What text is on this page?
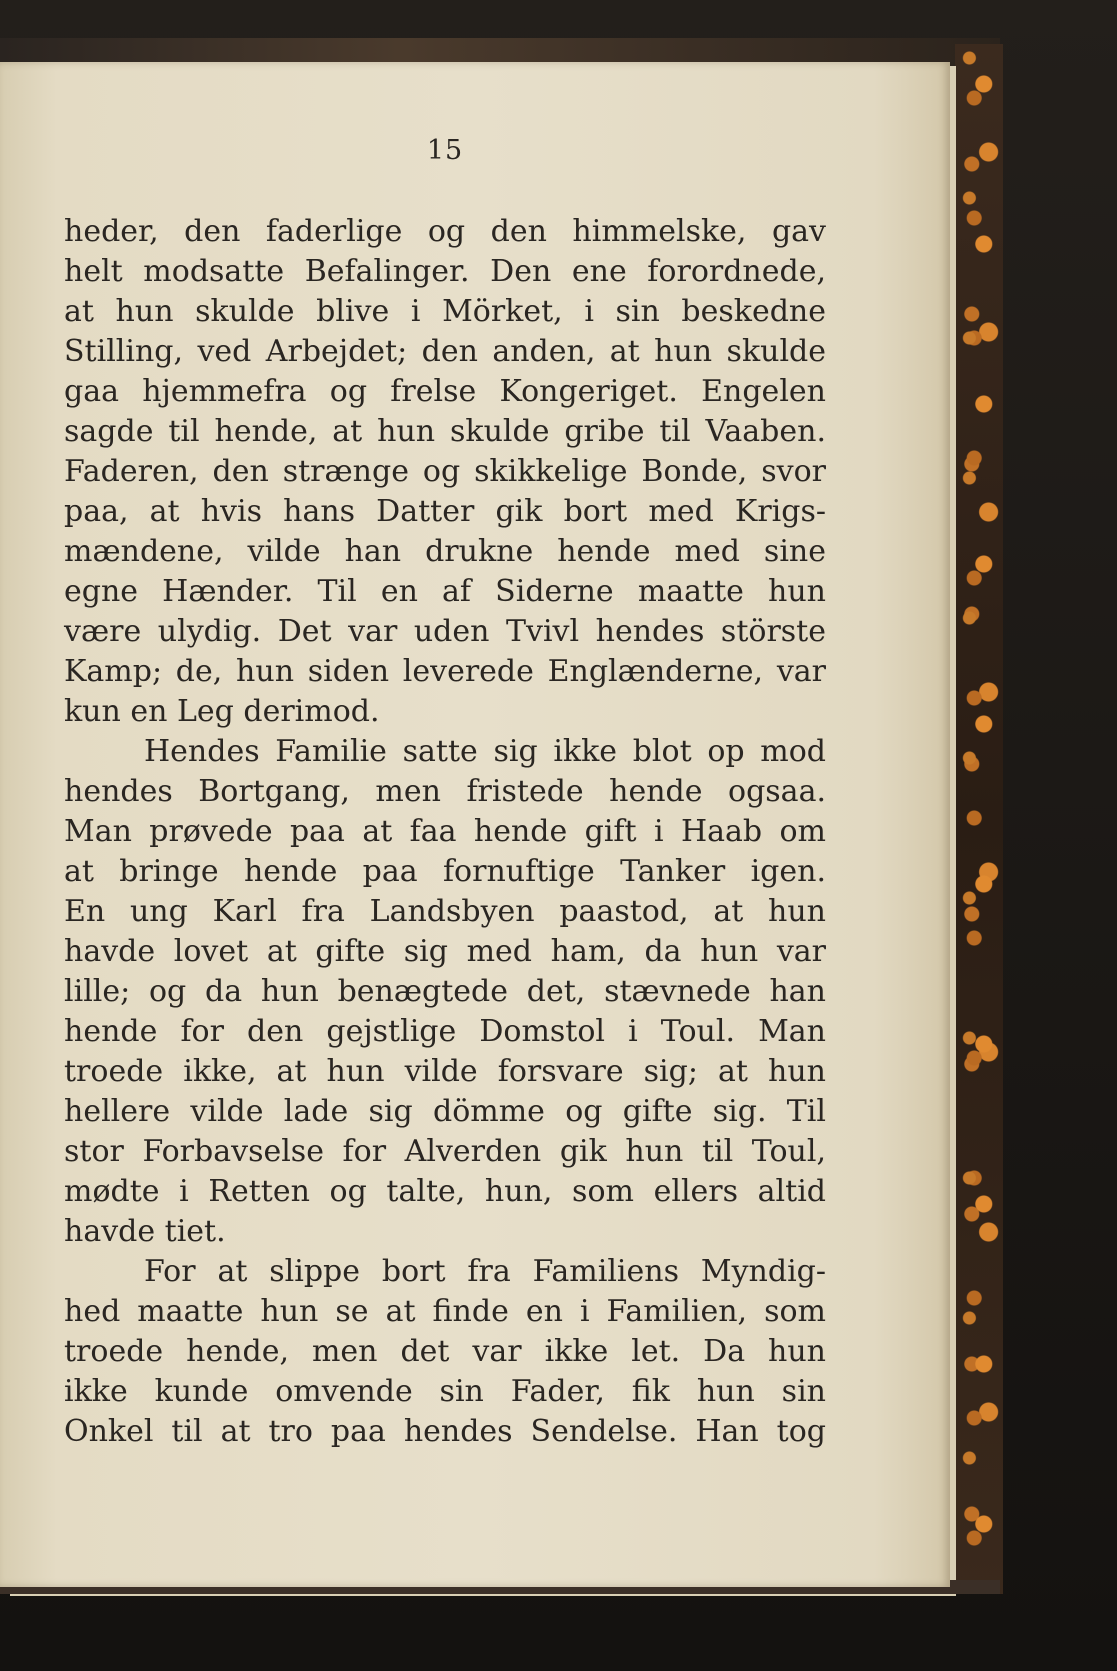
15
heder, den faderlige og den himmelske, gav
helt modsatte Befalinger. Den ene forordnede,
at hun skulde blive i Mörket, i sin beskedne
Stilling, ved Arbejdet; den anden, at hun skulde
gaa hjemmefra og frelse Kongeriget. Engelen
sagde til hende, at hun skulde gribe til Vaaben.
Faderen, den strænge og skikkelige Bonde, svor
paa, at hvis hans Datter gik bort med Krigs-
mændene, vilde han drukne hende med sine
egne Hænder. Til en af Siderne maatte hun
være ulydig. Det var uden Tvivl hendes störste
Kamp; de, hun siden leverede Englænderne, var
kun en Leg derimod.
Hendes Familie satte sig ikke blot op mod
hendes Bortgang, men fristede hende ogsaa.
Man prøvede paa at faa hende gift i Haab om
at bringe hende paa fornuftige Tanker igen.
En ung Karl fra Landsbyen paastod, at hun
havde lovet at gifte sig med ham, da hun var
lille; og da hun benægtede det, stævnede han
hende for den gejstlige Domstol i Toul. Man
troede ikke, at hun vilde forsvare sig; at hun
hellere vilde lade sig dömme og gifte sig. Til
stor Forbavselse for Alverden gik hun til Toul,
mødte i Retten og talte, hun, som ellers altid
havde tiet.
For at slippe bort fra Familiens Myndig-
hed maatte hun se at finde en i Familien, som
troede hende, men det var ikke let. Da hun
ikke kunde omvende sin Fader, fik hun sin
Onkel til at tro paa hendes Sendelse. Han tog
